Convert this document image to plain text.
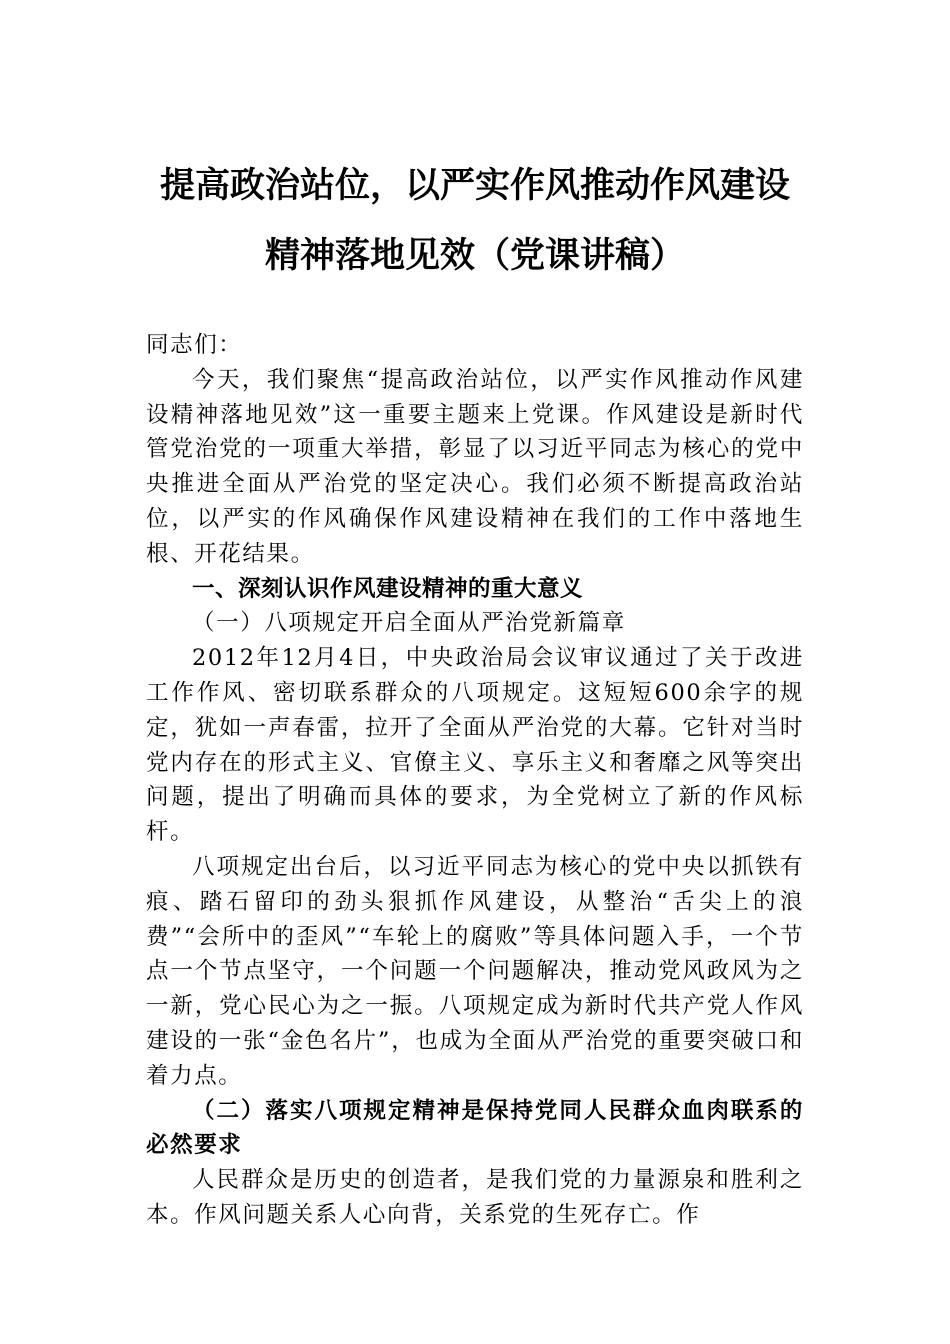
提高政治站位，以严实作风推动作风建设
精神落地见效（党课讲稿）

同志们：

今天，我们聚焦“提高政治站位，以严实作风推动作风建设精神落地见效”这一重要主题来上党课。作风建设是新时代管党治党的一项重大举措，彰显了以习近平同志为核心的党中央推进全面从严治党的坚定决心。我们必须不断提高政治站位，以严实的作风确保作风建设精神在我们的工作中落地生根、开花结果。

一、深刻认识作风建设精神的重大意义

（一）八项规定开启全面从严治党新篇章

2012年12月4日，中央政治局会议审议通过了关于改进工作作风、密切联系群众的八项规定。这短短600余字的规定，犹如一声春雷，拉开了全面从严治党的大幕。它针对当时党内存在的形式主义、官僚主义、享乐主义和奢靡之风等突出问题，提出了明确而具体的要求，为全党树立了新的作风标杆。

八项规定出台后，以习近平同志为核心的党中央以抓铁有痕、踏石留印的劲头狠抓作风建设，从整治“舌尖上的浪费”“会所中的歪风”“车轮上的腐败”等具体问题入手，一个节点一个节点坚守，一个问题一个问题解决，推动党风政风为之一新，党心民心为之一振。八项规定成为新时代共产党人作风建设的一张“金色名片”，也成为全面从严治党的重要突破口和着力点。

（二）落实八项规定精神是保持党同人民群众血肉联系的必然要求

人民群众是历史的创造者，是我们党的力量源泉和胜利之本。作风问题关系人心向背，关系党的生死存亡。作
